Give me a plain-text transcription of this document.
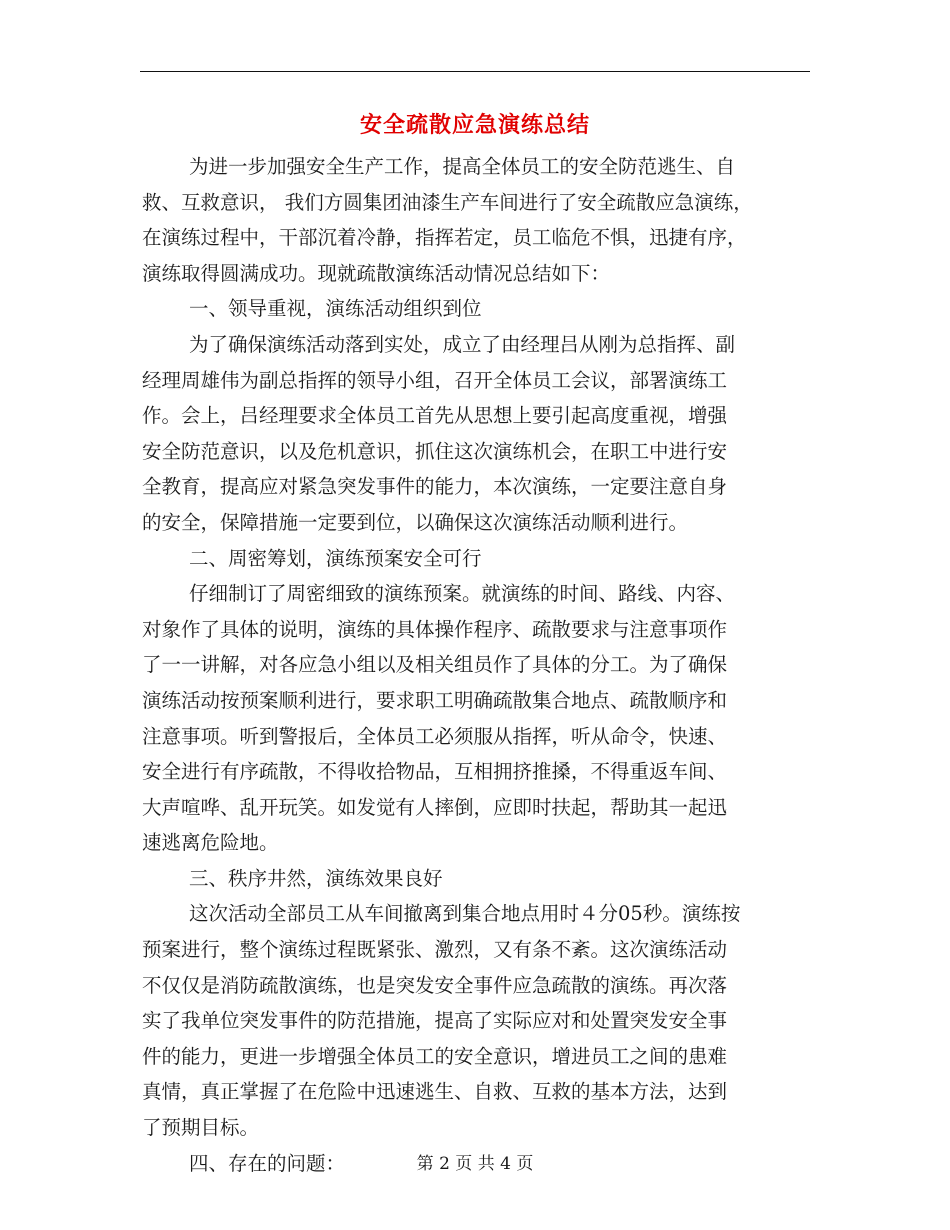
安全疏散应急演练总结
为进一步加强安全生产工作，提高全体员工的安全防范逃生、自
救、互救意识， 我们方圆集团油漆生产车间进行了安全疏散应急演练，
在演练过程中，干部沉着冷静，指挥若定，员工临危不惧，迅捷有序，
演练取得圆满成功。现就疏散演练活动情况总结如下：
一、领导重视，演练活动组织到位
为了确保演练活动落到实处，成立了由经理吕从刚为总指挥、副
经理周雄伟为副总指挥的领导小组，召开全体员工会议，部署演练工
作。会上，吕经理要求全体员工首先从思想上要引起高度重视，增强
安全防范意识，以及危机意识，抓住这次演练机会，在职工中进行安
全教育，提高应对紧急突发事件的能力，本次演练，一定要注意自身
的安全，保障措施一定要到位，以确保这次演练活动顺利进行。
二、周密筹划，演练预案安全可行
仔细制订了周密细致的演练预案。就演练的时间、路线、内容、
对象作了具体的说明，演练的具体操作程序、疏散要求与注意事项作
了一一讲解，对各应急小组以及相关组员作了具体的分工。为了确保
演练活动按预案顺利进行，要求职工明确疏散集合地点、疏散顺序和
注意事项。听到警报后，全体员工必须服从指挥，听从命令，快速、
安全进行有序疏散，不得收拾物品，互相拥挤推搡，不得重返车间、
大声喧哗、乱开玩笑。如发觉有人摔倒，应即时扶起，帮助其一起迅
速逃离危险地。
三、秩序井然，演练效果良好
这次活动全部员工从车间撤离到集合地点用时４分05秒。演练按
预案进行，整个演练过程既紧张、激烈，又有条不紊。这次演练活动
不仅仅是消防疏散演练，也是突发安全事件应急疏散的演练。再次落
实了我单位突发事件的防范措施，提高了实际应对和处置突发安全事
件的能力，更进一步增强全体员工的安全意识，增进员工之间的患难
真情，真正掌握了在危险中迅速逃生、自救、互救的基本方法，达到
了预期目标。
四、存在的问题：	第 2 页 共 4 页
